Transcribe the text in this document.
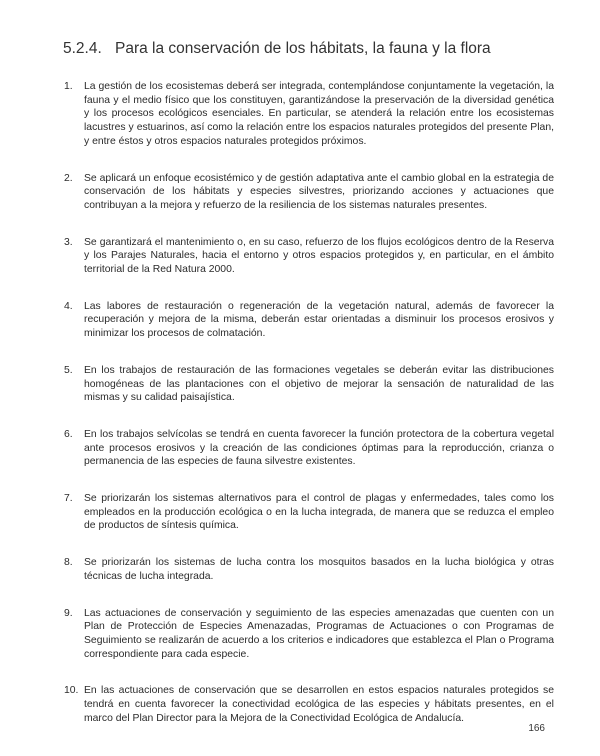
5.2.4. Para la conservación de los hábitats, la fauna y la flora
1. La gestión de los ecosistemas deberá ser integrada, contemplándose conjuntamente la vegetación, la fauna y el medio físico que los constituyen, garantizándose la preservación de la diversidad genética y los procesos ecológicos esenciales. En particular, se atenderá la relación entre los ecosistemas lacustres y estuarinos, así como la relación entre los espacios naturales protegidos del presente Plan, y entre éstos y otros espacios naturales protegidos próximos.
2. Se aplicará un enfoque ecosistémico y de gestión adaptativa ante el cambio global en la estrategia de conservación de los hábitats y especies silvestres, priorizando acciones y actuaciones que contribuyan a la mejora y refuerzo de la resiliencia de los sistemas naturales presentes.
3. Se garantizará el mantenimiento o, en su caso, refuerzo de los flujos ecológicos dentro de la Reserva y los Parajes Naturales, hacia el entorno y otros espacios protegidos y, en particular, en el ámbito territorial de la Red Natura 2000.
4. Las labores de restauración o regeneración de la vegetación natural, además de favorecer la recuperación y mejora de la misma, deberán estar orientadas a disminuir los procesos erosivos y minimizar los procesos de colmatación.
5. En los trabajos de restauración de las formaciones vegetales se deberán evitar las distribuciones homogéneas de las plantaciones con el objetivo de mejorar la sensación de naturalidad de las mismas y su calidad paisajística.
6. En los trabajos selvícolas se tendrá en cuenta favorecer la función protectora de la cobertura vegetal ante procesos erosivos y la creación de las condiciones óptimas para la reproducción, crianza o permanencia de las especies de fauna silvestre existentes.
7. Se priorizarán los sistemas alternativos para el control de plagas y enfermedades, tales como los empleados en la producción ecológica o en la lucha integrada, de manera que se reduzca el empleo de productos de síntesis química.
8. Se priorizarán los sistemas de lucha contra los mosquitos basados en la lucha biológica y otras técnicas de lucha integrada.
9. Las actuaciones de conservación y seguimiento de las especies amenazadas que cuenten con un Plan de Protección de Especies Amenazadas, Programas de Actuaciones o con Programas de Seguimiento se realizarán de acuerdo a los criterios e indicadores que establezca el Plan o Programa correspondiente para cada especie.
10. En las actuaciones de conservación que se desarrollen en estos espacios naturales protegidos se tendrá en cuenta favorecer la conectividad ecológica de las especies y hábitats presentes, en el marco del Plan Director para la Mejora de la Conectividad Ecológica de Andalucía.
166
